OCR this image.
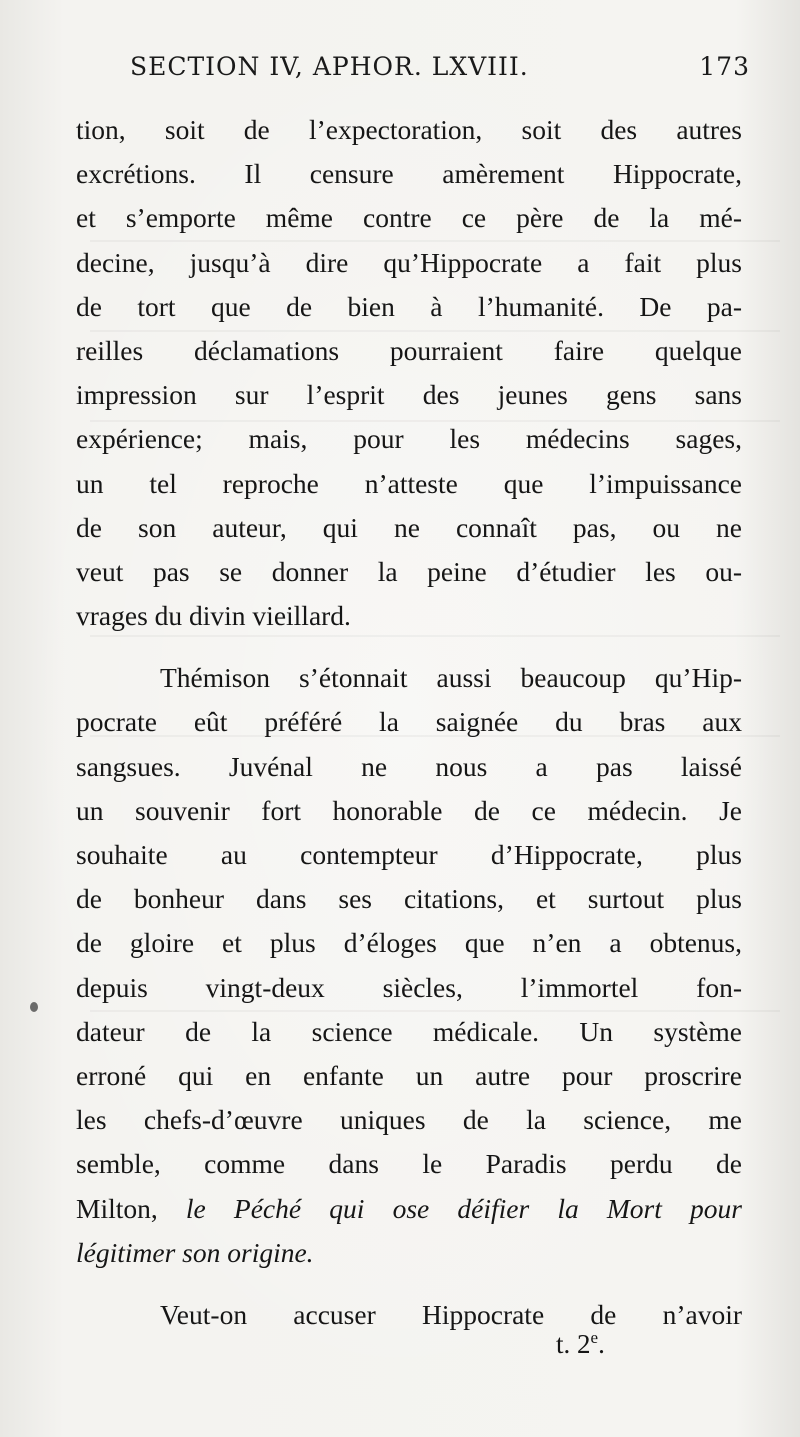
SECTION IV, APHOR. LXVIII.	173
tion, soit de l’expectoration, soit des autres
excrétions. Il censure amèrement Hippocrate,
et s’emporte même contre ce père de la mé-
decine, jusqu’à dire qu’Hippocrate a fait plus
de tort que de bien à l’humanité. De pa-
reilles déclamations pourraient faire quelque
impression sur l’esprit des jeunes gens sans
expérience; mais, pour les médecins sages,
un tel reproche n’atteste que l’impuissance
de son auteur, qui ne connaît pas, ou ne
veut pas se donner la peine d’étudier les ou-
vrages du divin vieillard.
Thémison s’étonnait aussi beaucoup qu’Hip-
pocrate eût préféré la saignée du bras aux
sangsues. Juvénal ne nous a pas laissé
un souvenir fort honorable de ce médecin. Je
souhaite au contempteur d’Hippocrate, plus
de bonheur dans ses citations, et surtout plus
de gloire et plus d’éloges que n’en a obtenus,
depuis vingt-deux siècles, l’immortel fon-
dateur de la science médicale. Un système
erroné qui en enfante un autre pour proscrire
les chefs-d’œuvre uniques de la science, me
semble, comme dans le Paradis perdu de
Milton, le Péché qui ose déifier la Mort pour
légitimer son origine.
Veut-on accuser Hippocrate de n’avoir
t. 2e.
